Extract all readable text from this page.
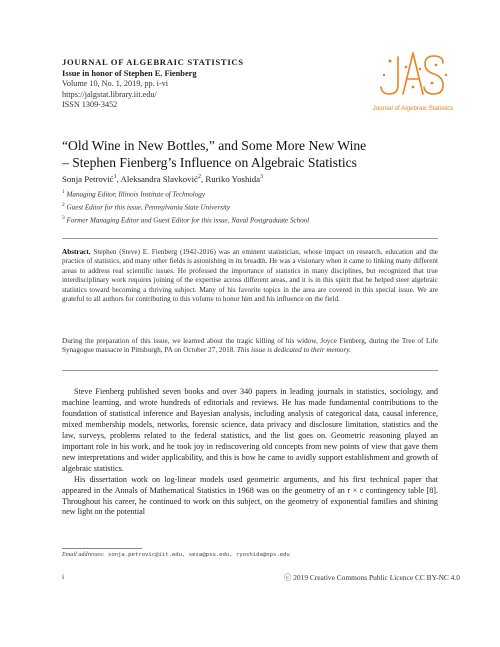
JOURNAL OF ALGEBRAIC STATISTICS
Issue in honor of Stephen E. Fienberg
Volume 10, No. 1, 2019, pp. i-vi
https://jalgstat.library.iit.edu/
ISSN 1309-3452	Journal of Algebraic Statistics
“Old Wine in New Bottles,” and Some More New Wine
– Stephen Fienberg’s Influence on Algebraic Statistics
Sonja Petrović$^1$, Aleksandra Slavković$^2$, Ruriko Yoshida$^3$
$^1$ Managing Editor, Illinois Institute of Technology
$^2$ Guest Editor for this issue, Pennsylvania State University
$^3$ Former Managing Editor and Guest Editor for this issue, Naval Postgraduate School
Abstract. Stephen (Steve) E. Fienberg (1942-2016) was an eminent statistician, whose impact on research, education and the practice of statistics, and many other fields is astonishing in its breadth. He was a visionary when it came to linking many different areas to address real scientific issues. He professed the importance of statistics in many disciplines, but recognized that true interdisciplinary work requires joining of the expertise across different areas, and it is in this spirit that he helped steer algebraic statistics toward becoming a thriving subject. Many of his favorite topics in the area are covered in this special issue. We are grateful to all authors for contributing to this volume to honor him and his influence on the field.
During the preparation of this issue, we learned about the tragic killing of his widow, Joyce Fienberg, during the Tree of Life Synagogue massacre in Pittsburgh, PA on October 27, 2018. This issue is dedicated to their memory.

Steve Fienberg published seven books and over 340 papers in leading journals in statistics, sociology, and machine learning, and wrote hundreds of editorials and reviews. He has made fundamental contributions to the foundation of statistical inference and Bayesian analysis, including analysis of categorical data, causal inference, mixed membership models, networks, forensic science, data privacy and disclosure limitation, statistics and the law, surveys, problems related to the federal statistics, and the list goes on. Geometric reasoning played an important role in his work, and he took joy in rediscovering old concepts from new points of view that gave them new interpretations and wider applicability, and this is how he came to avidly support establishment and growth of algebraic statistics.

His dissertation work on log-linear models used geometric arguments, and his first technical paper that appeared in the Annals of Mathematical Statistics in 1968 was on the geometry of an r × c contingency table [8]. Throughout his career, he continued to work on this subject, on the geometry of exponential families and shining new light on the potential

Email addresses: sonja.petrovic@iit.edu, sesa@psu.edu, ryoshida@nps.edu
i	ⓒ 2019 Creative Commons Public Licence CC BY-NC 4.0
